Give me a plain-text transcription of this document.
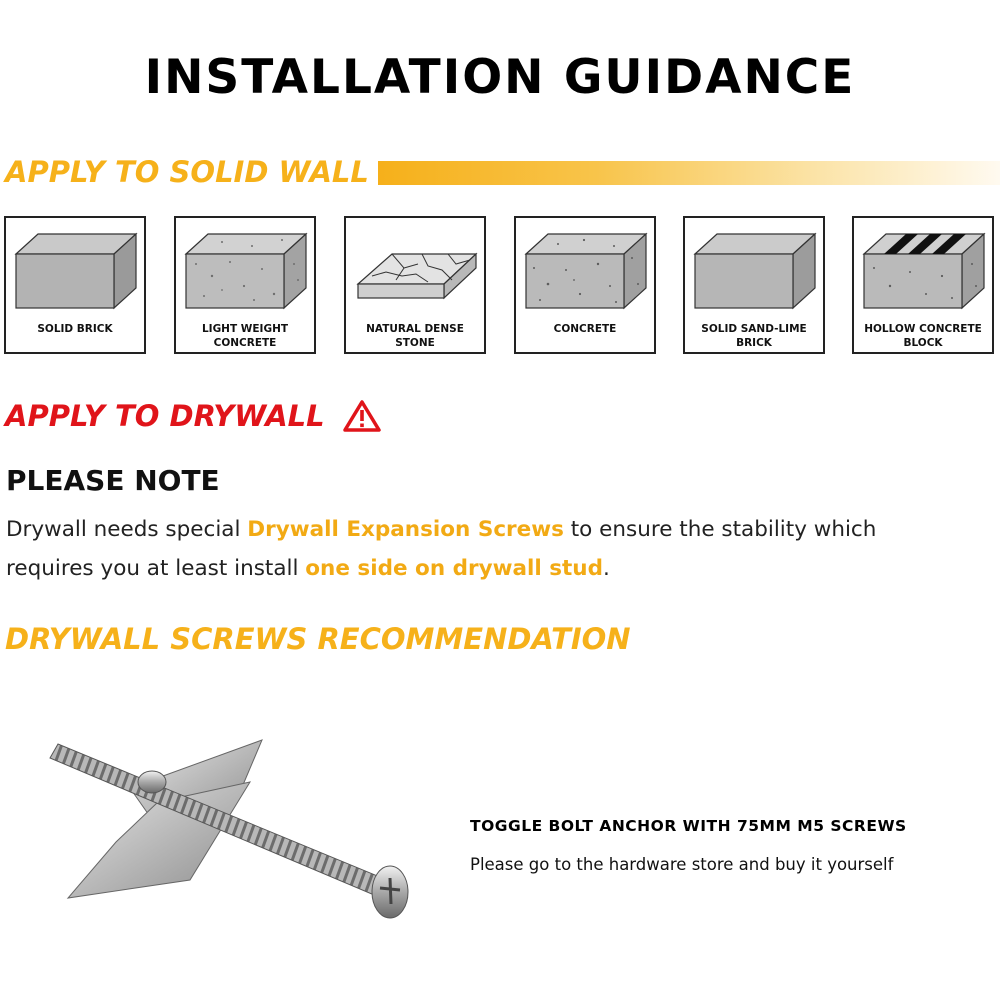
INSTALLATION GUIDANCE
APPLY TO SOLID WALL
SOLID BRICK	LIGHT WEIGHT
CONCRETE
NATURAL DENSE
STONE
CONCRETE	SOLID SAND-LIME
BRICK
HOLLOW CONCRETE
BLOCK
APPLY TO DRYWALL
PLEASE NOTE
Drywall needs special Drywall Expansion Screws to ensure the stability which requires you at least install one side on drywall stud.
DRYWALL SCREWS RECOMMENDATION
TOGGLE BOLT ANCHOR WITH 75MM M5 SCREWS
Please go to the hardware store and buy it yourself
